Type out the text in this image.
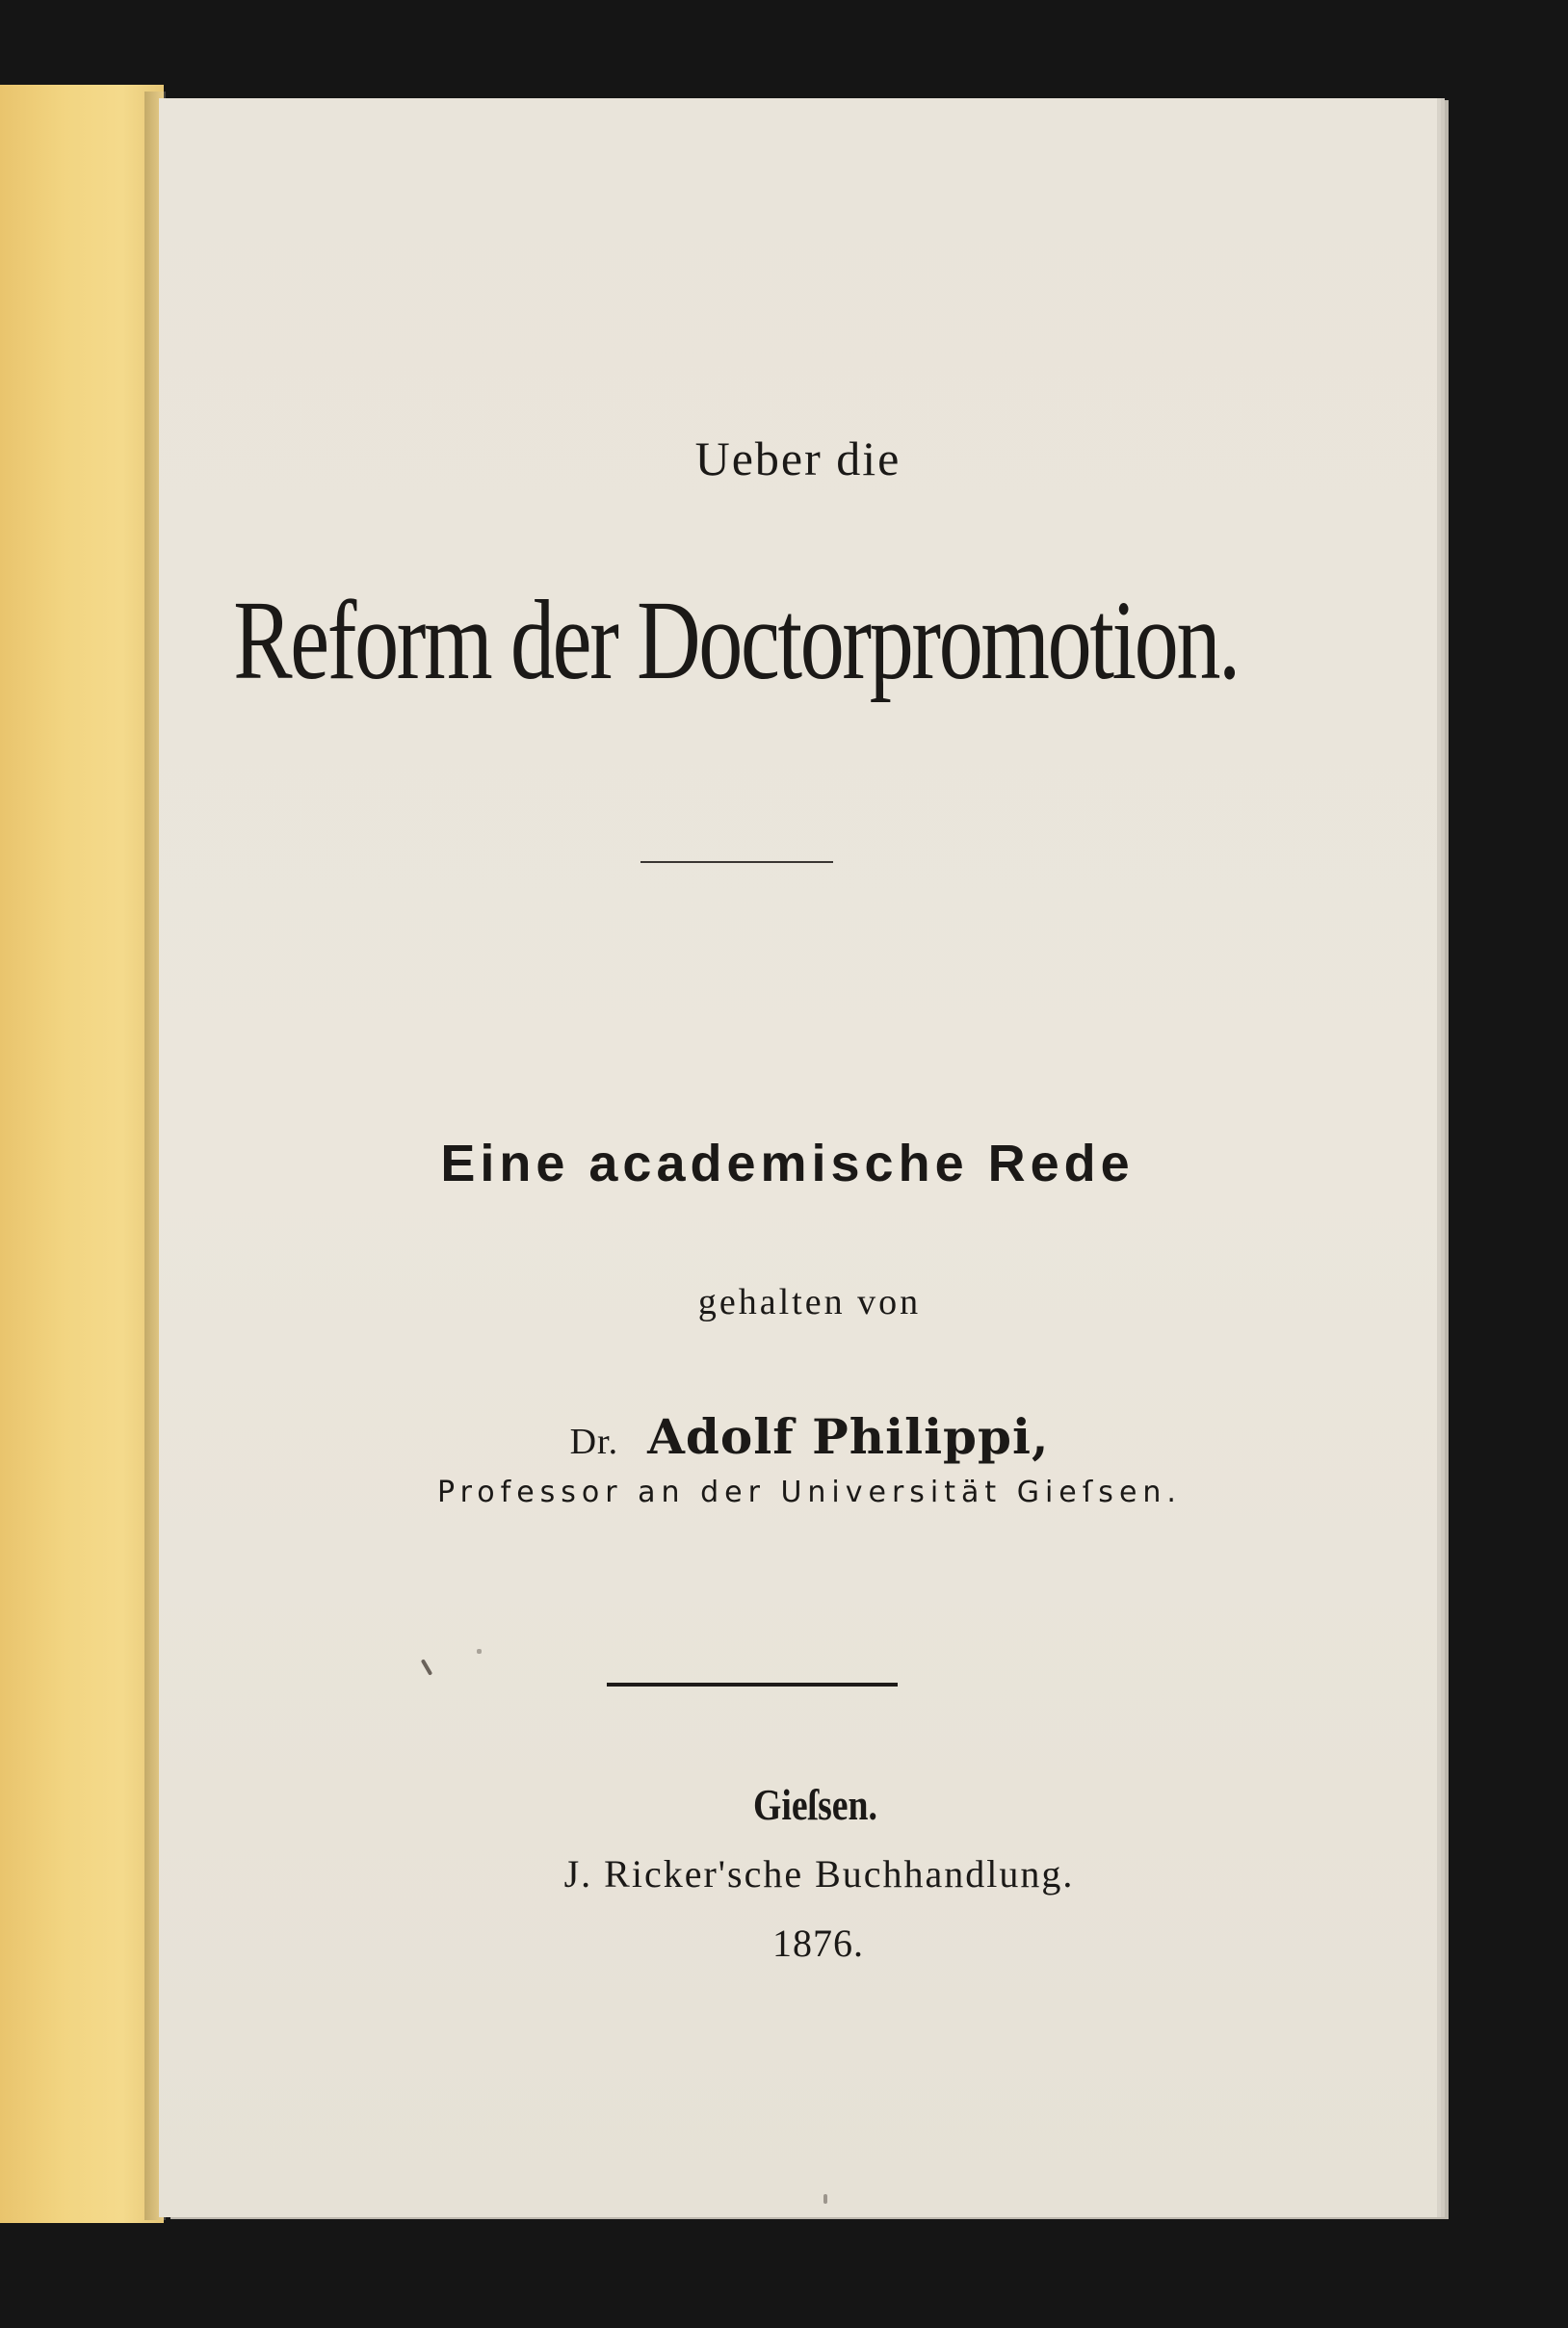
Ueber die
Reform der Doctorpromotion.
Eine academische Rede
gehalten von
Dr. Adolf Philippi,
Professor an der Universität Gieſsen.
Gieſsen.
J. Ricker'sche Buchhandlung.
1876.
